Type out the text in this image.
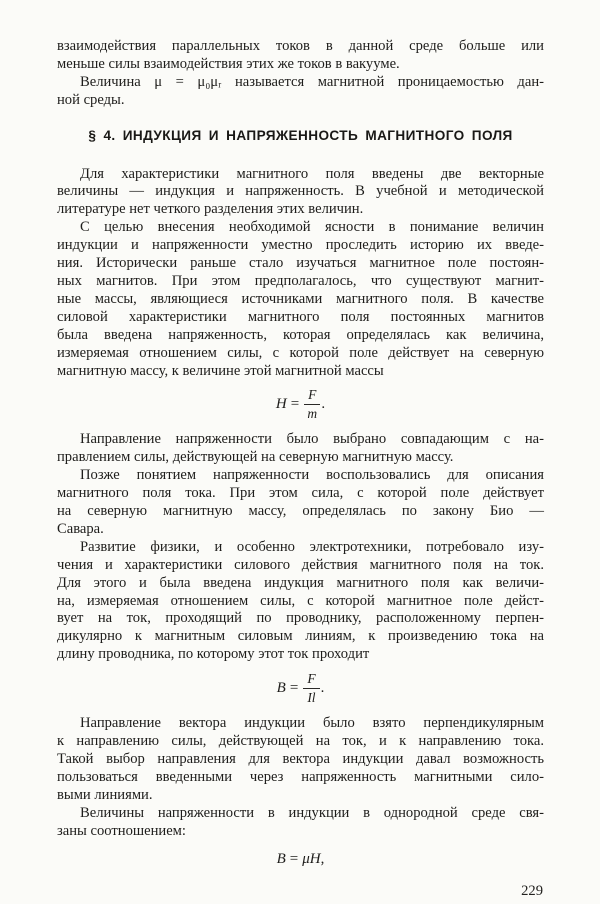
взаимодействия параллельных токов в данной среде больше или
меньше силы взаимодействия этих же токов в вакууме.
Величина μ = μ₀μᵣ называется магнитной проницаемостью дан-
ной среды.
§ 4. ИНДУКЦИЯ И НАПРЯЖЕННОСТЬ МАГНИТНОГО ПОЛЯ
Для характеристики магнитного поля введены две векторные
величины — индукция и напряженность. В учебной и методической
литературе нет четкого разделения этих величин.
С целью внесения необходимой ясности в понимание величин
индукции и напряженности уместно проследить историю их введе-
ния. Исторически раньше стало изучаться магнитное поле постоян-
ных магнитов. При этом предполагалось, что существуют магнит-
ные массы, являющиеся источниками магнитного поля. В качестве
силовой характеристики магнитного поля постоянных магнитов
была введена напряженность, которая определялась как величина,
измеряемая отношением силы, с которой поле действует на северную
магнитную массу, к величине этой магнитной массы
$H = \frac{F}{m}$ .
Направление напряженности было выбрано совпадающим с на-
правлением силы, действующей на северную магнитную массу.
Позже понятием напряженности воспользовались для описания
магнитного поля тока. При этом сила, с которой поле действует
на северную магнитную массу, определялась по закону Био —
Савара.
Развитие физики, и особенно электротехники, потребовало изу-
чения и характеристики силового действия магнитного поля на ток.
Для этого и была введена индукция магнитного поля как величи-
на, измеряемая отношением силы, с которой магнитное поле дейст-
вует на ток, проходящий по проводнику, расположенному перпен-
дикулярно к магнитным силовым линиям, к произведению тока на
длину проводника, по которому этот ток проходит
$B = \frac{F}{Il}$ .
Направление вектора индукции было взято перпендикулярным
к направлению силы, действующей на ток, и к направлению тока.
Такой выбор направления для вектора индукции давал возможность
пользоваться введенными через напряженность магнитными сило-
выми линиями.
Величины напряженности в индукции в однородной среде свя-
заны соотношением:
B = μH,
229
